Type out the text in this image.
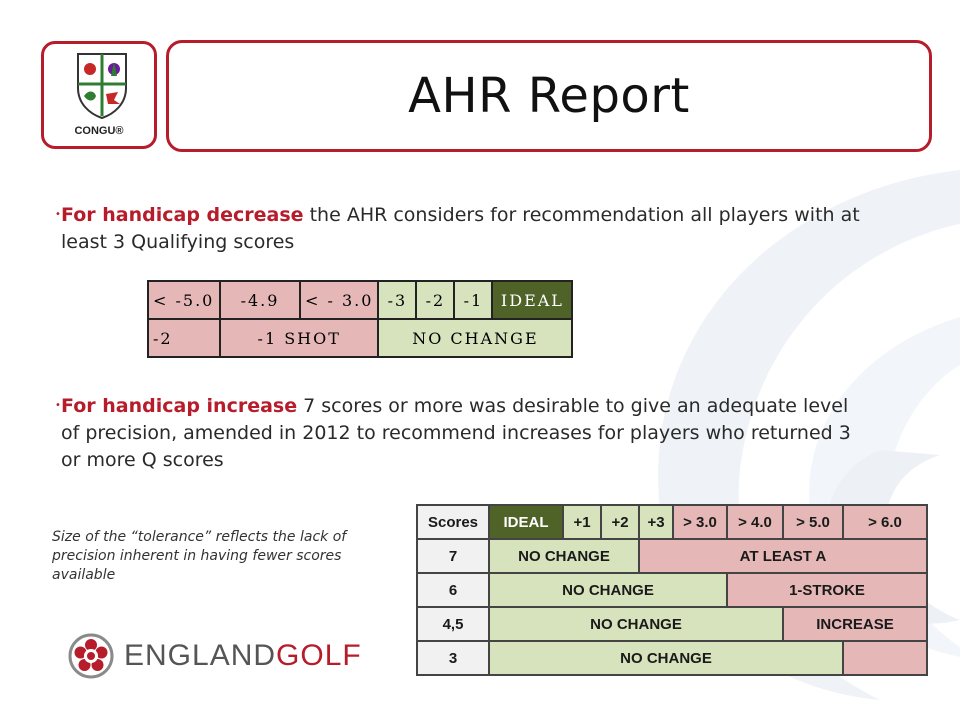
CONGU®
AHR Report
• For handicap decrease the AHR considers for recommendation all players with at least 3 Qualifying scores
< -5.0	-4.9	< - 3.0	-3	-2	-1	IDEAL
-2	-1 SHOT		NO CHANGE			
• For handicap increase 7 scores or more was desirable to give an adequate level of precision, amended in 2012 to recommend increases for players who returned 3 or more Q scores
Size of the “tolerance” reflects the lack of precision inherent in having fewer scores available
ENGLANDGOLF
Scores	IDEAL	+1	+2	+3	> 3.0	> 4.0	> 5.0	> 6.0
7	NO CHANGE			AT LEAST A				
6	NO CHANGE					1-STROKE		
4,5	NO CHANGE						INCREASE	
3	NO CHANGE							
